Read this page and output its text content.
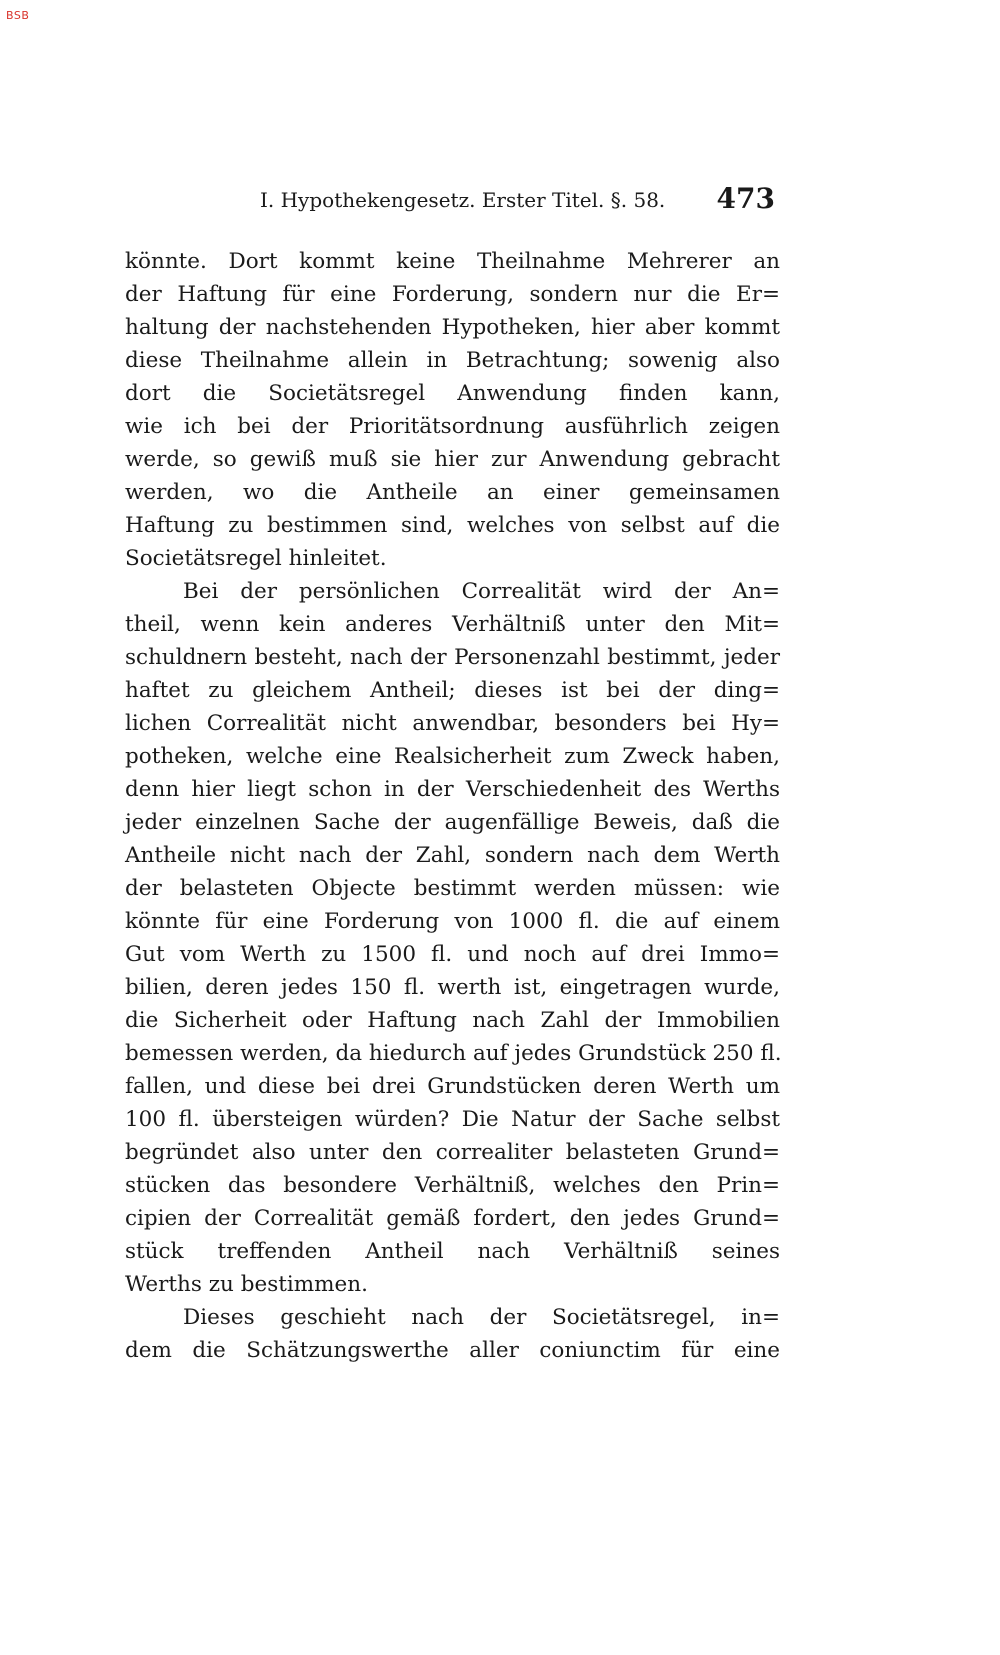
BSB
I. Hypothekengesetz. Erster Titel. §. 58. 473
könnte. Dort kommt keine Theilnahme Mehrerer an
der Haftung für eine Forderung, sondern nur die Er=
haltung der nachstehenden Hypotheken, hier aber kommt
diese Theilnahme allein in Betrachtung; sowenig also
dort die Societätsregel Anwendung finden kann,
wie ich bei der Prioritätsordnung ausführlich zeigen
werde, so gewiß muß sie hier zur Anwendung gebracht
werden, wo die Antheile an einer gemeinsamen
Haftung zu bestimmen sind, welches von selbst auf die
Societätsregel hinleitet.
Bei der persönlichen Correalität wird der An=
theil, wenn kein anderes Verhältniß unter den Mit=
schuldnern besteht, nach der Personenzahl bestimmt, jeder
haftet zu gleichem Antheil; dieses ist bei der ding=
lichen Correalität nicht anwendbar, besonders bei Hy=
potheken, welche eine Realsicherheit zum Zweck haben,
denn hier liegt schon in der Verschiedenheit des Werths
jeder einzelnen Sache der augenfällige Beweis, daß die
Antheile nicht nach der Zahl, sondern nach dem Werth
der belasteten Objecte bestimmt werden müssen: wie
könnte für eine Forderung von 1000 fl. die auf einem
Gut vom Werth zu 1500 fl. und noch auf drei Immo=
bilien, deren jedes 150 fl. werth ist, eingetragen wurde,
die Sicherheit oder Haftung nach Zahl der Immobilien
bemessen werden, da hiedurch auf jedes Grundstück 250 fl.
fallen, und diese bei drei Grundstücken deren Werth um
100 fl. übersteigen würden? Die Natur der Sache selbst
begründet also unter den correaliter belasteten Grund=
stücken das besondere Verhältniß, welches den Prin=
cipien der Correalität gemäß fordert, den jedes Grund=
stück treffenden Antheil nach Verhältniß seines
Werths zu bestimmen.
Dieses geschieht nach der Societätsregel, in=
dem die Schätzungswerthe aller coniunctim für eine
